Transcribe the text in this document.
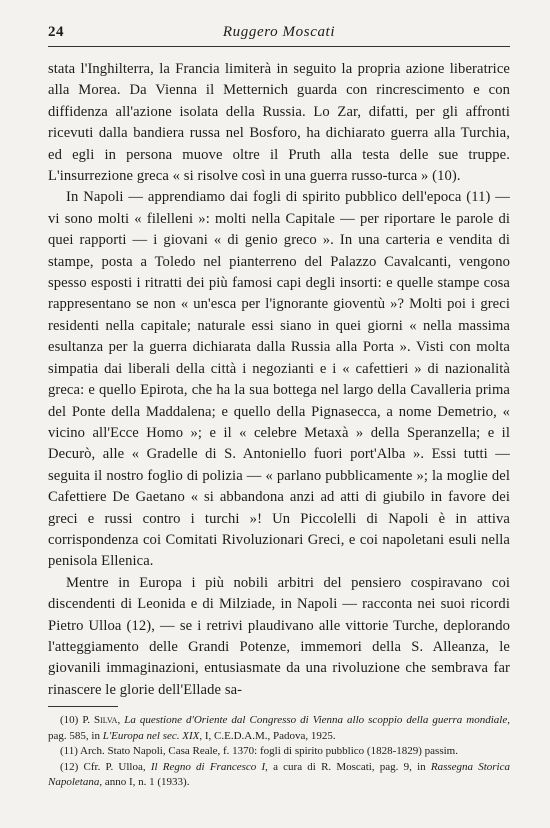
24	Ruggero Moscati

stata l'Inghilterra, la Francia limiterà in seguito la propria azione liberatrice alla Morea. Da Vienna il Metternich guarda con rincrescimento e con diffidenza all'azione isolata della Russia. Lo Zar, difatti, per gli affronti ricevuti dalla bandiera russa nel Bosforo, ha dichiarato guerra alla Turchia, ed egli in persona muove oltre il Pruth alla testa delle sue truppe. L'insurrezione greca « si risolve così in una guerra russo-turca » (10).

In Napoli — apprendiamo dai fogli di spirito pubblico dell'epoca (11) — vi sono molti « filelleni »: molti nella Capitale — per riportare le parole di quei rapporti — i giovani « di genio greco ». In una carteria e vendita di stampe, posta a Toledo nel pianterreno del Palazzo Cavalcanti, vengono spesso esposti i ritratti dei più famosi capi degli insorti: e quelle stampe cosa rappresentano se non « un'esca per l'ignorante gioventù »? Molti poi i greci residenti nella capitale; naturale essi siano in quei giorni « nella massima esultanza per la guerra dichiarata dalla Russia alla Porta ». Visti con molta simpatia dai liberali della città i negozianti e i « cafettieri » di nazionalità greca: e quello Epirota, che ha la sua bottega nel largo della Cavalleria prima del Ponte della Maddalena; e quello della Pignasecca, a nome Demetrio, « vicino all'Ecce Homo »; e il « celebre Metaxà » della Speranzella; e il Decurò, alle « Gradelle di S. Antoniello fuori port'Alba ». Essi tutti — seguita il nostro foglio di polizia — « parlano pubblicamente »; la moglie del Cafettiere De Gaetano « si abbandona anzi ad atti di giubilo in favore dei greci e russi contro i turchi »! Un Piccolelli di Napoli è in attiva corrispondenza coi Comitati Rivoluzionari Greci, e coi napoletani esuli nella penisola Ellenica.

Mentre in Europa i più nobili arbitri del pensiero cospiravano coi discendenti di Leonida e di Milziade, in Napoli — racconta nei suoi ricordi Pietro Ulloa (12), — se i retrivi plaudivano alle vittorie Turche, deplorando l'atteggiamento delle Grandi Potenze, immemori della S. Alleanza, le giovanili immaginazioni, entusiasmate da una rivoluzione che sembrava far rinascere le glorie dell'Ellade sa-

(10) P. Silva, La questione d'Oriente dal Congresso di Vienna allo scoppio della guerra mondiale, pag. 585, in L'Europa nel sec. XIX, I, C.E.D.A.M., Padova, 1925.

(11) Arch. Stato Napoli, Casa Reale, f. 1370: fogli di spirito pubblico (1828-1829) passim.

(12) Cfr. P. Ulloa, Il Regno di Francesco I, a cura di R. Moscati, pag. 9, in Rassegna Storica Napoletana, anno I, n. 1 (1933).
